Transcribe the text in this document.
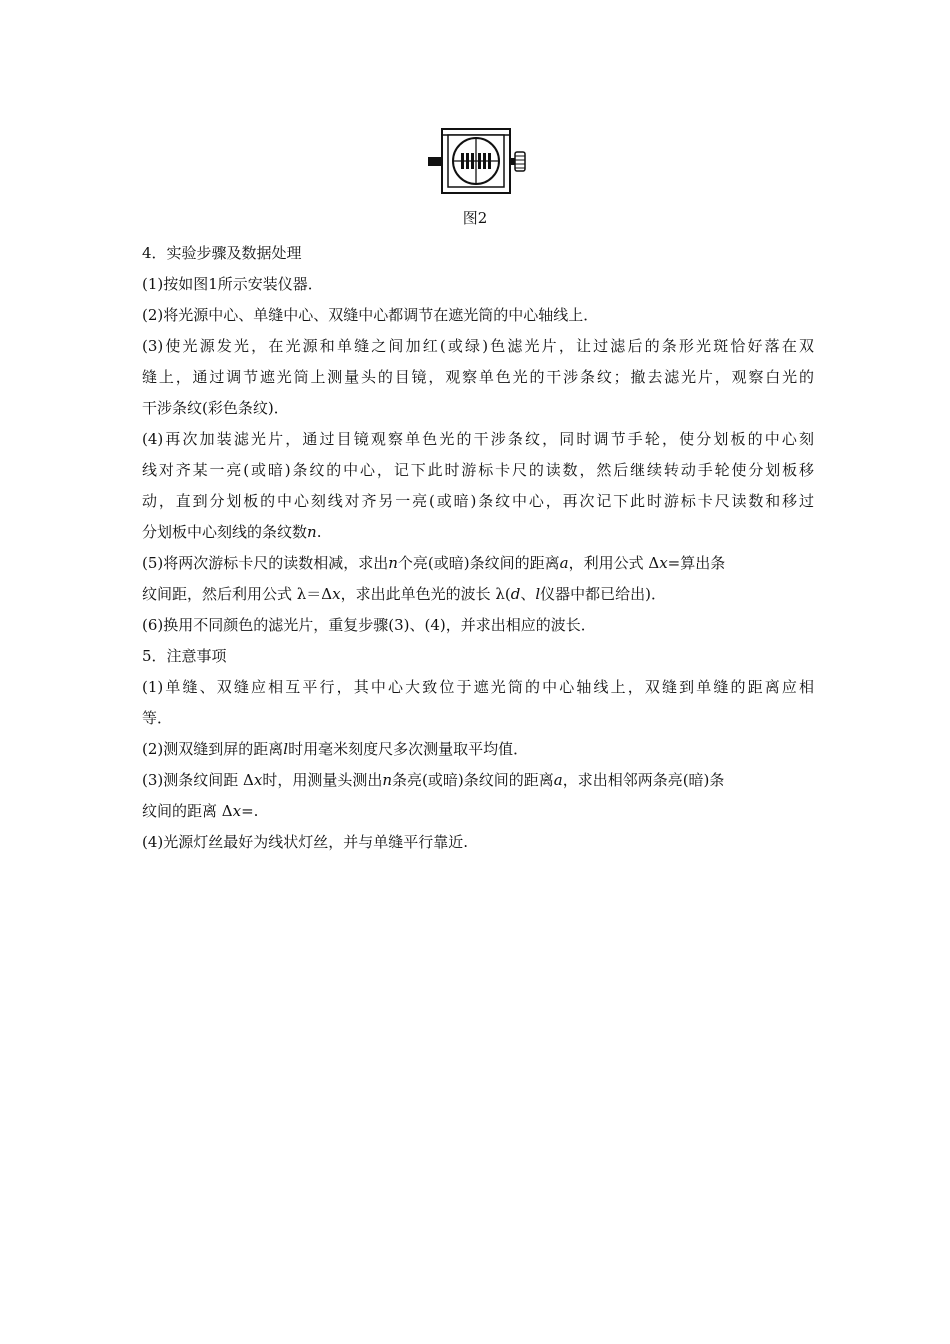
图2
4．实验步骤及数据处理
(1)按如图1所示安装仪器．
(2)将光源中心、单缝中心、双缝中心都调节在遮光筒的中心轴线上．
(3)使光源发光，在光源和单缝之间加红(或绿)色滤光片，让过滤后的条形光斑恰好落在双
缝上，通过调节遮光筒上测量头的目镜，观察单色光的干涉条纹；撤去滤光片，观察白光的
干涉条纹(彩色条纹)．
(4)再次加装滤光片，通过目镜观察单色光的干涉条纹，同时调节手轮，使分划板的中心刻
线对齐某一亮(或暗)条纹的中心，记下此时游标卡尺的读数，然后继续转动手轮使分划板移
动，直到分划板的中心刻线对齐另一亮(或暗)条纹中心，再次记下此时游标卡尺读数和移过
分划板中心刻线的条纹数n.
(5)将两次游标卡尺的读数相减，求出n个亮(或暗)条纹间的距离a，利用公式 Δx=算出条
纹间距，然后利用公式 λ＝Δx，求出此单色光的波长 λ(d、l仪器中都已给出)．
(6)换用不同颜色的滤光片，重复步骤(3)、(4)，并求出相应的波长．
5．注意事项
(1)单缝、双缝应相互平行，其中心大致位于遮光筒的中心轴线上，双缝到单缝的距离应相
等．
(2)测双缝到屏的距离l时用毫米刻度尺多次测量取平均值．
(3)测条纹间距 Δx时，用测量头测出n条亮(或暗)条纹间的距离a，求出相邻两条亮(暗)条
纹间的距离 Δx=.
(4)光源灯丝最好为线状灯丝，并与单缝平行靠近.
